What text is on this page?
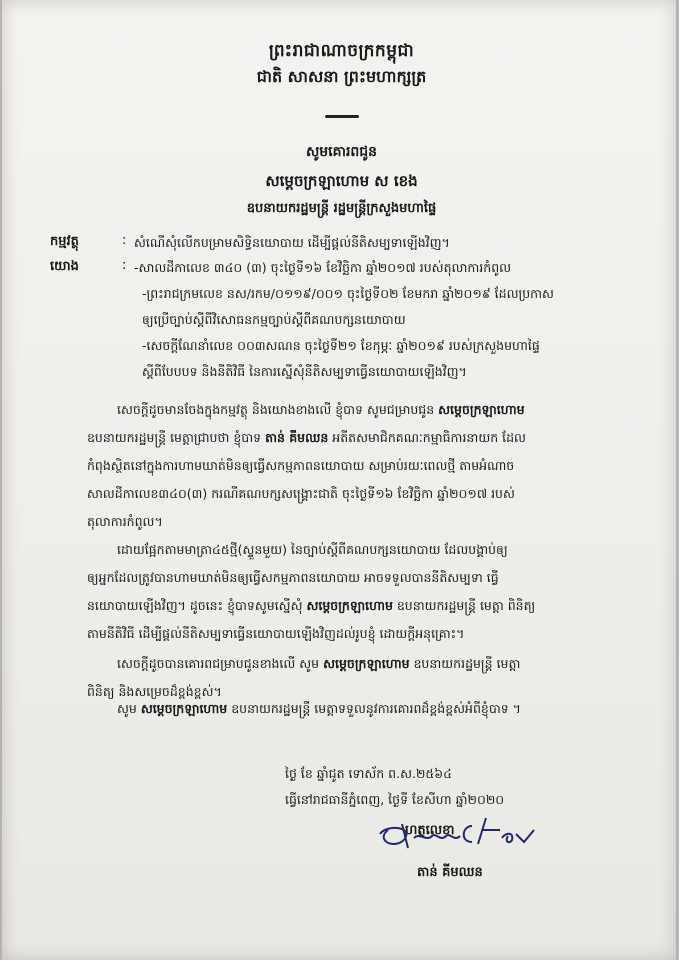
ព្រះរាជាណាចក្រកម្ពុជា
ជាតិ សាសនា ព្រះមហាក្សត្រ
សូមគោរពជូន
សម្តេចក្រឡាហោម ស ខេង
ឧបនាយករដ្ឋមន្ត្រី រដ្ឋមន្ត្រីក្រសួងមហាផ្ទៃ
កម្មវត្ថុ	: សំណើសុំលើកបម្រាមសិទ្ធិនយោបាយ ដើម្បីផ្ដល់នីតិសម្បទាឡើងវិញ។
យោង	: -សាលដីកាលេខ ៣៤០ (៣) ចុះថ្ងៃទី១៦ ខែវិច្ឆិកា ឆ្នាំ២០១៧ របស់តុលាការកំពូល
-ព្រះរាជក្រមលេខ នស/រកម/០១១៩/០០១ ចុះថ្ងៃទី០២ ខែមករា ឆ្នាំ២០១៩ ដែលប្រកាស
ឲ្យប្រើច្បាប់ស្តីពីវិសោធនកម្មច្បាប់ស្តីពីគណបក្សនយោបាយ
-សេចក្តីណែនាំលេខ ០០៣សណន ចុះថ្ងៃទី២១ ខែកុម្ភៈ ឆ្នាំ២០១៩ របស់ក្រសួងមហាផ្ទៃ
ស្តីពីបែបបទ និងនីតិវិធី នៃការស្នើសុំនីតិសម្បទាធ្វើនយោបាយឡើងវិញ។
សេចក្តីដូចមានចែងក្នុងកម្មវត្ថុ និងយោងខាងលើ ខ្ញុំបាទ សូមជម្រាបជូន សម្តេចក្រឡាហោម
ឧបនាយករដ្ឋមន្ត្រី មេត្តាជ្រាបថា ខ្ញុំបាទ តាន់ គីមឈន អតីតសមាជិកគណៈកម្មាធិការនាយក ដែល
កំពុងស្ថិតនៅក្នុងការហាមឃាត់មិនឲ្យធ្វើសកម្មភាពនយោបាយ សម្រាប់រយៈពេលថ្មី តាមអំណាច
សាលដីកាលេខ៣៤០(៣) ករណីគណបក្សសង្គ្រោះជាតិ ចុះថ្ងៃទី១៦ ខែវិច្ឆិកា ឆ្នាំ២០១៧ របស់
តុលាការកំពូល។
ដោយផ្អែកតាមមាត្រា៤៥ថ្មី(ស្ទួនមួយ) នៃច្បាប់ស្តីពីគណបក្សនយោបាយ ដែលបង្គាប់ឲ្យ
ឲ្យអ្នកដែលត្រូវបានហាមឃាត់មិនឲ្យធ្វើសកម្មភាពនយោបាយ អាចទទួលបាននីតិសម្បទា ធ្វើ
នយោបាយឡើងវិញ។ ដូចនេះ ខ្ញុំបាទសូមស្នើសុំ សម្តេចក្រឡាហោម ឧបនាយករដ្ឋមន្ត្រី មេត្តា ពិនិត្យ
តាមនីតិវិធី ដើម្បីផ្ដល់នីតិសម្បទាធ្វើនយោបាយឡើងវិញដល់រូបខ្ញុំ ដោយក្តីអនុគ្រោះ។
សេចក្តីដូចបានគោរពជម្រាបជូនខាងលើ សូម សម្តេចក្រឡាហោម ឧបនាយករដ្ឋមន្ត្រី មេត្តា
ពិនិត្យ និងសម្រេចដ៏ខ្ពង់ខ្ពស់។
សូម សម្តេចក្រឡាហោម ឧបនាយករដ្ឋមន្ត្រី មេត្តាទទួលនូវការគោរពដ៏ខ្ពង់ខ្ពស់អំពីខ្ញុំបាទ ។
ថ្ងៃ ខែ ឆ្នាំជូត ទោស័ក ព.ស.២៥៦៤
ធ្វើនៅរាជធានីភ្នំពេញ, ថ្ងៃទី ខែសីហា ឆ្នាំ២០២០
ហត្ថលេខា
តាន់ គីមឈន
